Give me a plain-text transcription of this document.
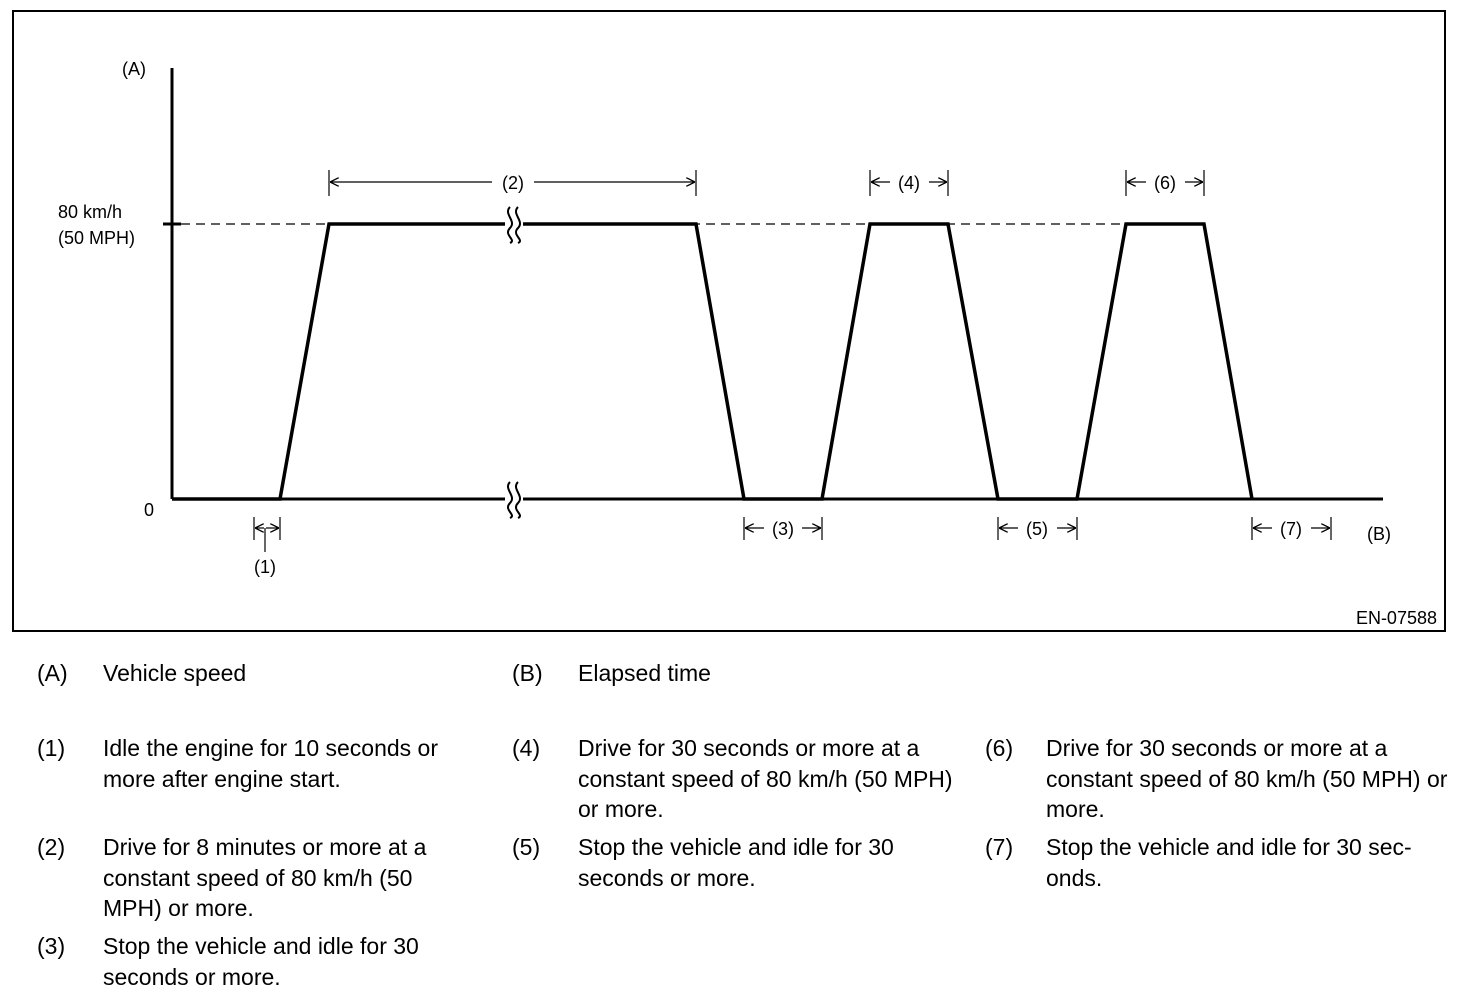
(A)
80 km/h
(50 MPH)
0
(B)
(2)	(4)	(6)
(1)
(3)	(5)	(7)
EN-07588
(A) Vehicle speed	(B) Elapsed time
(1) Idle the engine for 10 seconds or more after engine start.
(2) Drive for 8 minutes or more at a constant speed of 80 km/h (50 MPH) or more.
(3) Stop the vehicle and idle for 30 seconds or more.
(4) Drive for 30 seconds or more at a constant speed of 80 km/h (50 MPH) or more.
(5) Stop the vehicle and idle for 30 seconds or more.
(6) Drive for 30 seconds or more at a constant speed of 80 km/h (50 MPH) or more.
(7) Stop the vehicle and idle for 30 sec-onds.
